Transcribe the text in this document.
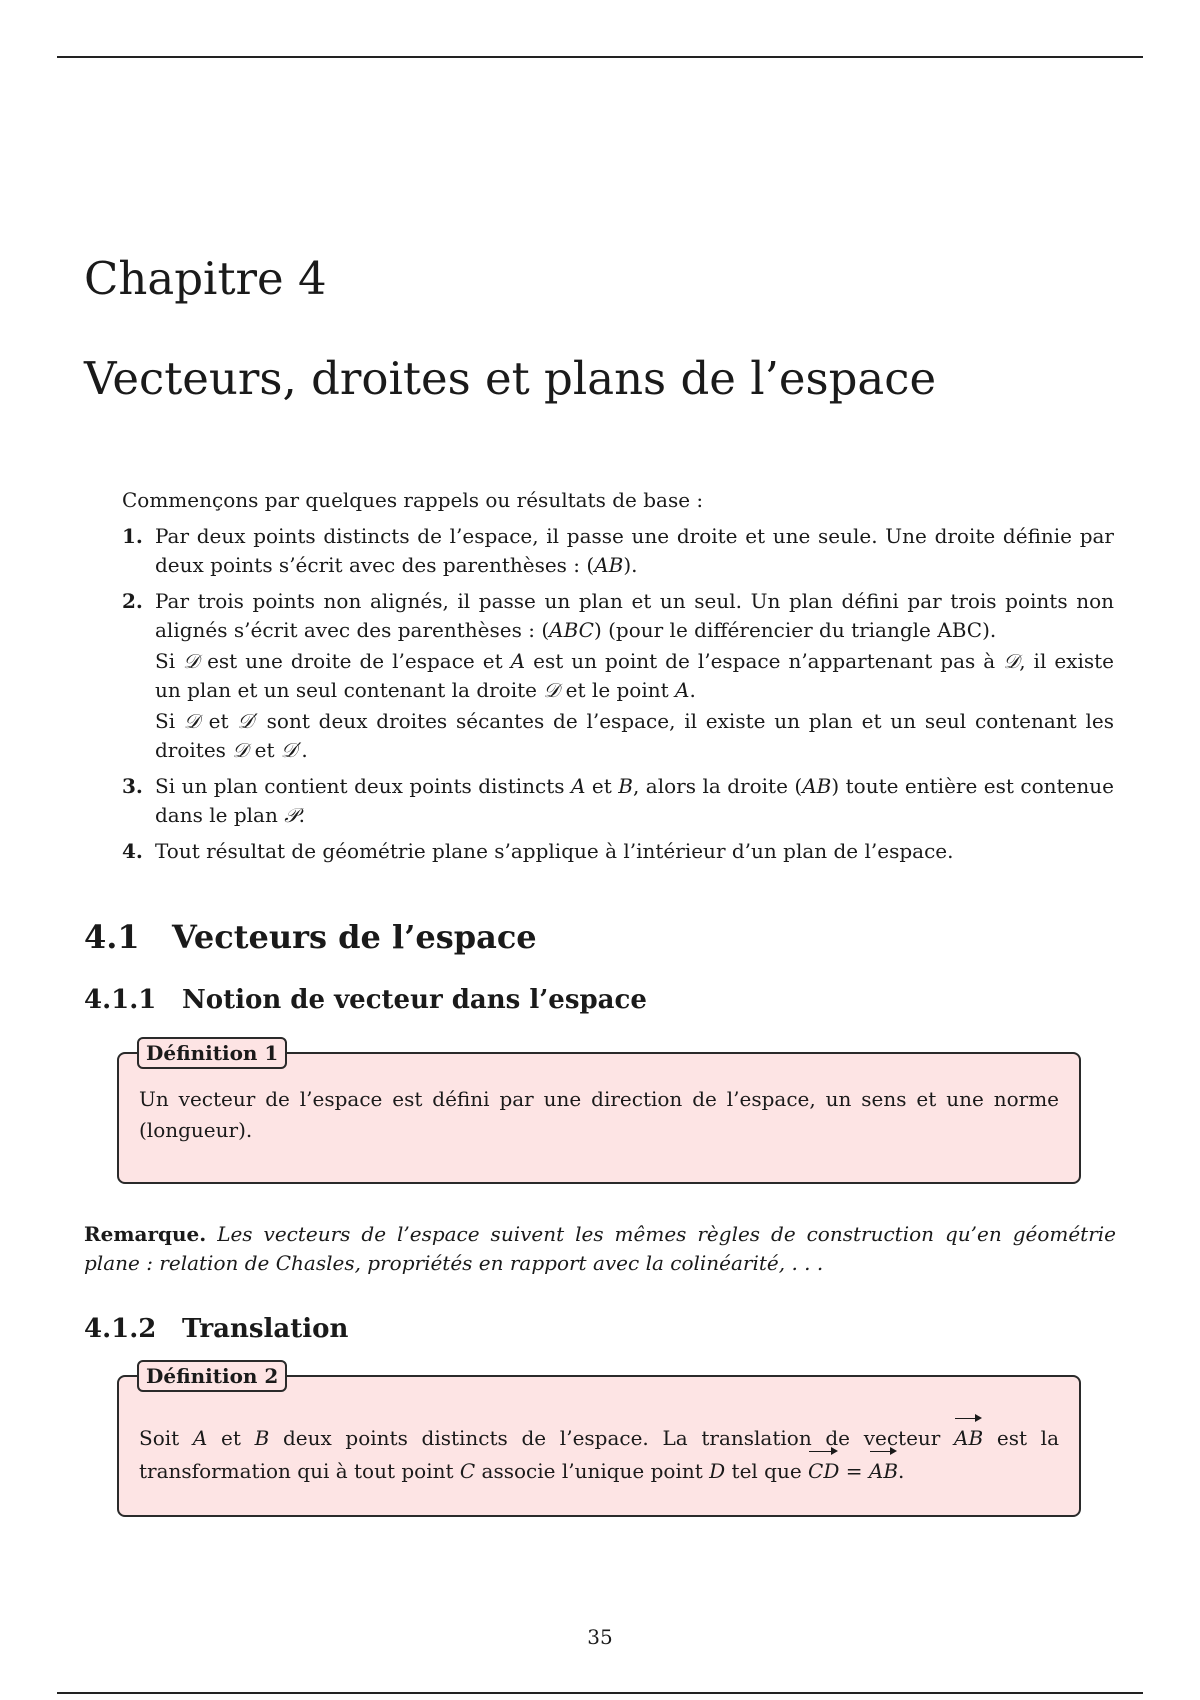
Chapitre 4
Vecteurs, droites et plans de l’espace

Commençons par quelques rappels ou résultats de base :

1. Par deux points distincts de l’espace, il passe une droite et une seule. Une droite définie par deux points s’écrit avec des parenthèses : (AB).

2. Par trois points non alignés, il passe un plan et un seul. Un plan défini par trois points non alignés s’écrit avec des parenthèses : (ABC) (pour le différencier du triangle ABC).

Si 𝒟 est une droite de l’espace et A est un point de l’espace n’appartenant pas à 𝒟, il existe un plan et un seul contenant la droite 𝒟 et le point A.

Si 𝒟 et 𝒟′ sont deux droites sécantes de l’espace, il existe un plan et un seul contenant les droites 𝒟 et 𝒟′.

3. Si un plan contient deux points distincts A et B, alors la droite (AB) toute entière est contenue dans le plan 𝒫.

4. Tout résultat de géométrie plane s’applique à l’intérieur d’un plan de l’espace.

4.1 Vecteurs de l’espace
4.1.1 Notion de vecteur dans l’espace
Définition 1

Un vecteur de l’espace est défini par une direction de l’espace, un sens et une norme (longueur).

Remarque. Les vecteurs de l’espace suivent les mêmes règles de construction qu’en géométrie plane : relation de Chasles, propriétés en rapport avec la colinéarité, . . .

4.1.2 Translation
Définition 2

Soit A et B deux points distincts de l’espace. La translation de vecteur AB est la transformation qui à tout point C associe l’unique point D tel que CD = AB.

35
